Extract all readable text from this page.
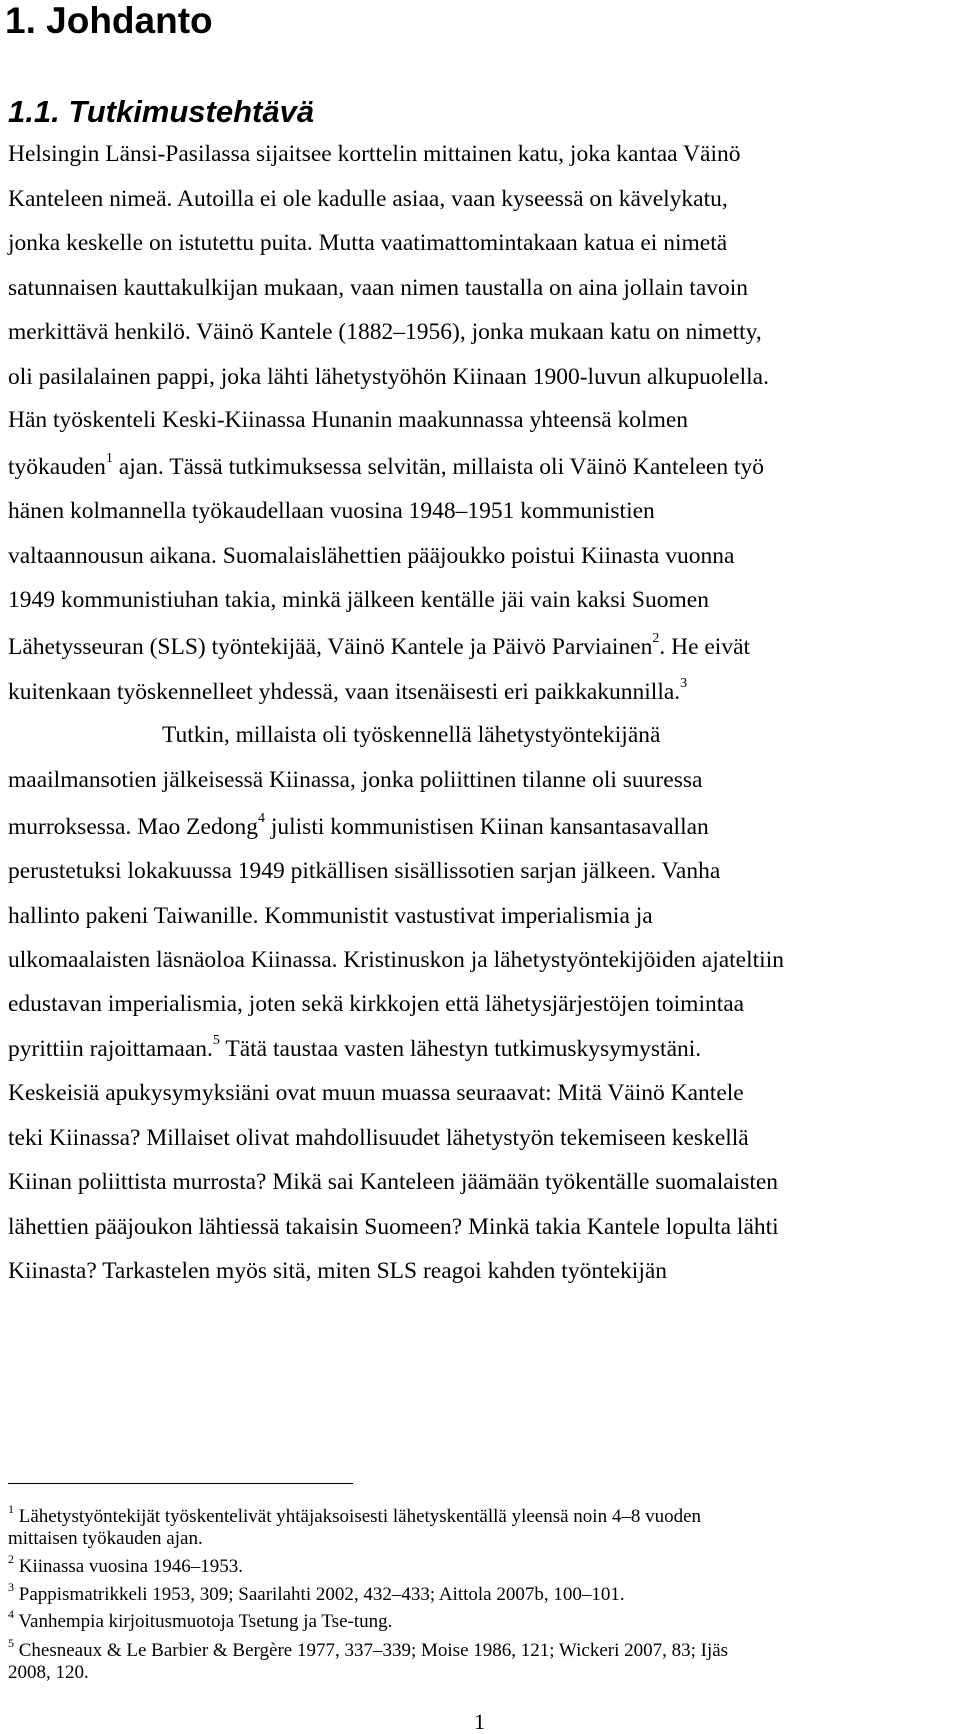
1. Johdanto
1.1. Tutkimustehtävä
Helsingin Länsi-Pasilassa sijaitsee korttelin mittainen katu, joka kantaa Väinö
Kanteleen nimeä. Autoilla ei ole kadulle asiaa, vaan kyseessä on kävelykatu,
jonka keskelle on istutettu puita. Mutta vaatimattomintakaan katua ei nimetä
satunnaisen kauttakulkijan mukaan, vaan nimen taustalla on aina jollain tavoin
merkittävä henkilö. Väinö Kantele (1882–1956), jonka mukaan katu on nimetty,
oli pasilalainen pappi, joka lähti lähetystyöhön Kiinaan 1900-luvun alkupuolella.
Hän työskenteli Keski-Kiinassa Hunanin maakunnassa yhteensä kolmen
työkauden$^1$ ajan. Tässä tutkimuksessa selvitän, millaista oli Väinö Kanteleen työ
hänen kolmannella työkaudellaan vuosina 1948–1951 kommunistien
valtaannousun aikana. Suomalaislähettien pääjoukko poistui Kiinasta vuonna
1949 kommunistiuhan takia, minkä jälkeen kentälle jäi vain kaksi Suomen
Lähetysseuran (SLS) työntekijää, Väinö Kantele ja Päivö Parviainen$^2$. He eivät
kuitenkaan työskennelleet yhdessä, vaan itsenäisesti eri paikkakunnilla.$^3$
Tutkin, millaista oli työskennellä lähetystyöntekijänä
maailmansotien jälkeisessä Kiinassa, jonka poliittinen tilanne oli suuressa
murroksessa. Mao Zedong$^4$ julisti kommunistisen Kiinan kansantasavallan
perustetuksi lokakuussa 1949 pitkällisen sisällissotien sarjan jälkeen. Vanha
hallinto pakeni Taiwanille. Kommunistit vastustivat imperialismia ja
ulkomaalaisten läsnäoloa Kiinassa. Kristinuskon ja lähetystyöntekijöiden ajateltiin
edustavan imperialismia, joten sekä kirkkojen että lähetysjärjestöjen toimintaa
pyrittiin rajoittamaan.$^5$ Tätä taustaa vasten lähestyn tutkimuskysymystäni.
Keskeisiä apukysymyksiäni ovat muun muassa seuraavat: Mitä Väinö Kantele
teki Kiinassa? Millaiset olivat mahdollisuudet lähetystyön tekemiseen keskellä
Kiinan poliittista murrosta? Mikä sai Kanteleen jäämään työkentälle suomalaisten
lähettien pääjoukon lähtiessä takaisin Suomeen? Minkä takia Kantele lopulta lähti
Kiinasta? Tarkastelen myös sitä, miten SLS reagoi kahden työntekijän
$^1$ Lähetystyöntekijät työskentelivät yhtäjaksoisesti lähetyskentällä yleensä noin 4–8 vuoden
mittaisen työkauden ajan.
$^2$ Kiinassa vuosina 1946–1953.
$^3$ Pappismatrikkeli 1953, 309; Saarilahti 2002, 432–433; Aittola 2007b, 100–101.
$^4$ Vanhempia kirjoitusmuotoja Tsetung ja Tse-tung.
$^5$ Chesneaux & Le Barbier & Bergère 1977, 337–339; Moise 1986, 121; Wickeri 2007, 83; Ijäs
2008, 120.
1
